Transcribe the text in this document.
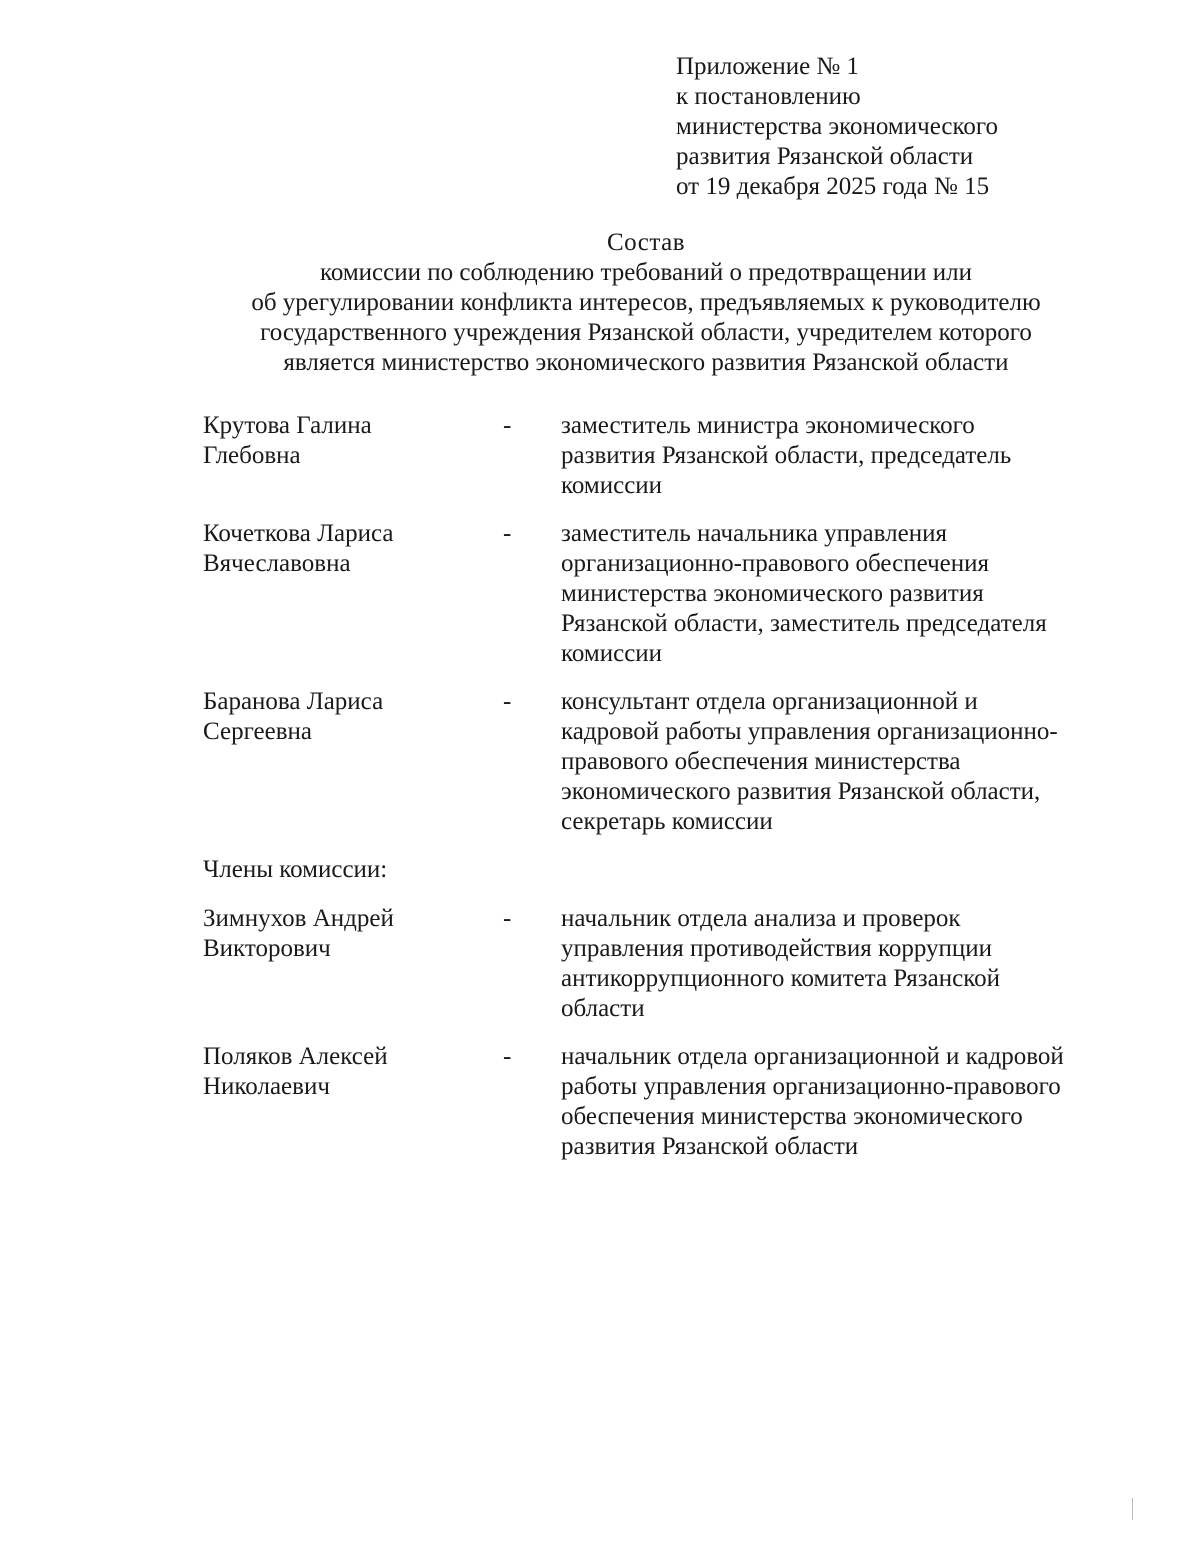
Приложение № 1
к постановлению
министерства экономического
развития Рязанской области
от 19 декабря 2025 года № 15
Состав
комиссии по соблюдению требований о предотвращении или
об урегулировании конфликта интересов, предъявляемых к руководителю
государственного учреждения Рязанской области, учредителем которого
является министерство экономического развития Рязанской области
Крутова Галина
Глебовна
-	заместитель министра экономического
развития Рязанской области, председатель
комиссии
Кочеткова Лариса
Вячеславовна
-	заместитель начальника управления
организационно-правового обеспечения
министерства экономического развития
Рязанской области, заместитель председателя
комиссии
Баранова Лариса
Сергеевна
-	консультант отдела организационной и
кадровой работы управления организационно-
правового обеспечения министерства
экономического развития Рязанской области,
секретарь комиссии
Члены комиссии:
Зимнухов Андрей
Викторович
-	начальник отдела анализа и проверок
управления противодействия коррупции
антикоррупционного комитета Рязанской
области
Поляков Алексей
Николаевич
-	начальник отдела организационной и кадровой
работы управления организационно-правового
обеспечения министерства экономического
развития Рязанской области
